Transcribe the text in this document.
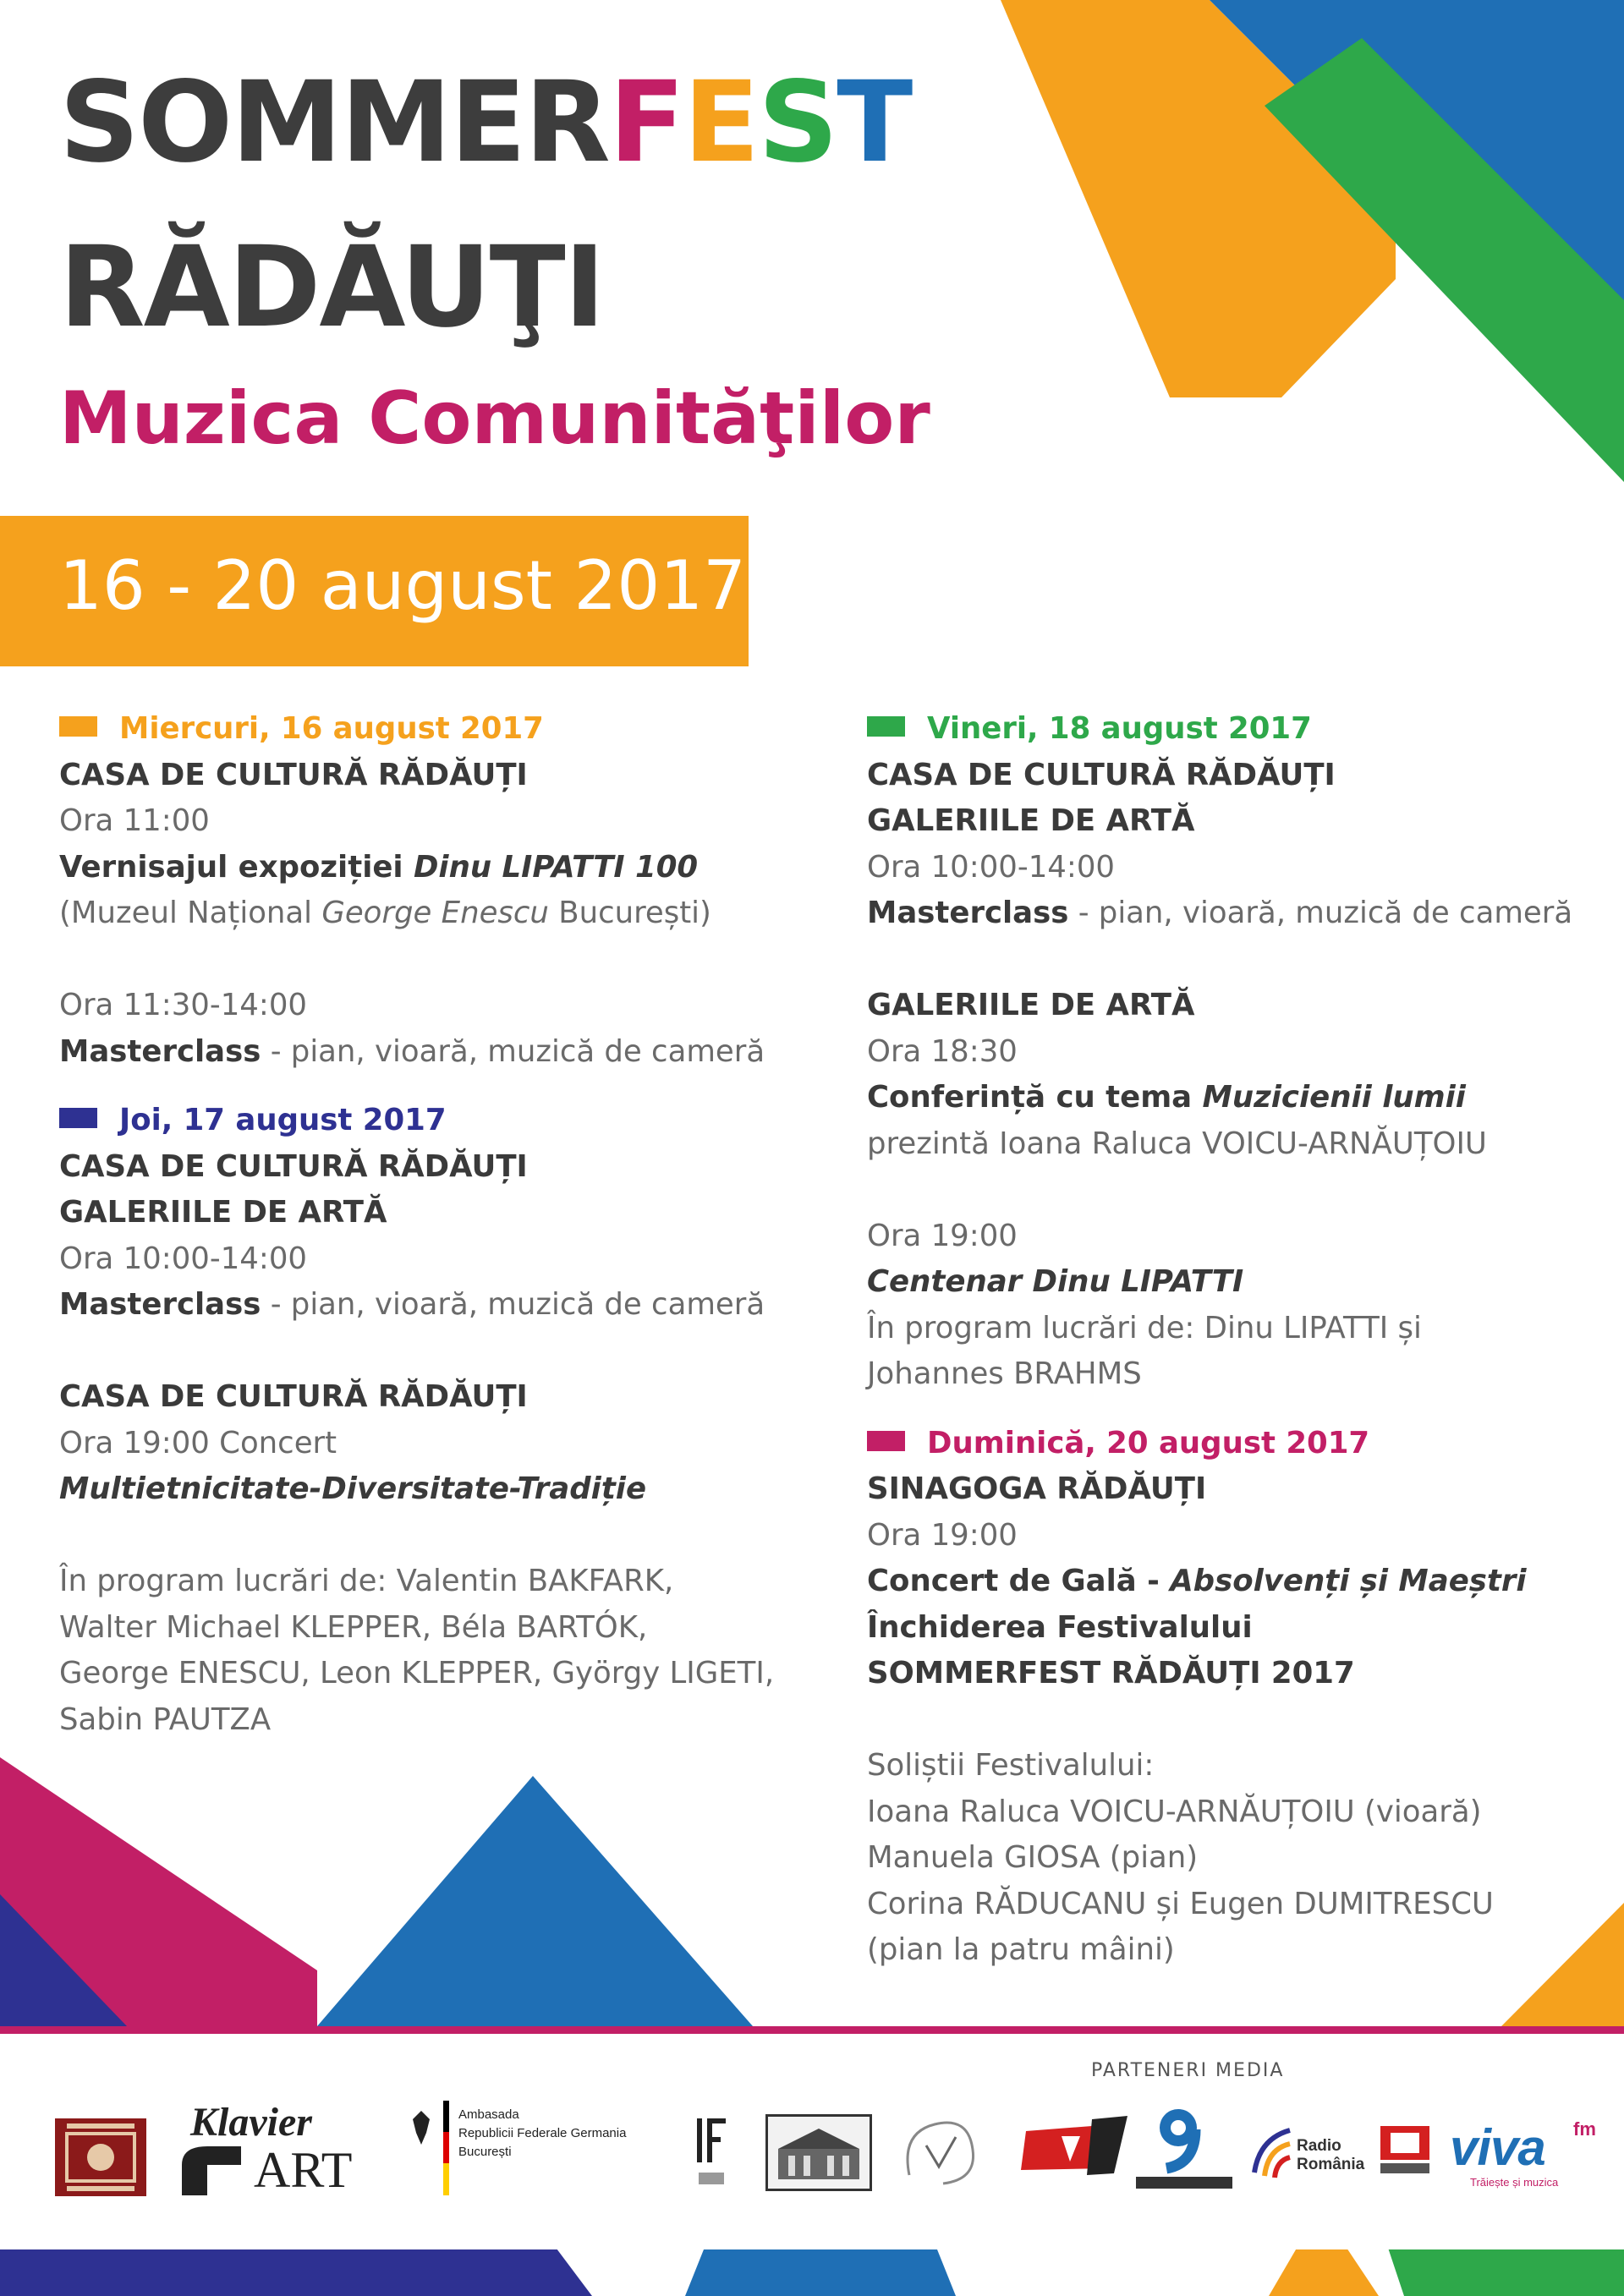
SOMMERFEST
RĂDĂUŢI
Muzica Comunităţilor
16 - 20 august 2017
Miercuri, 16 august 2017
CASA DE CULTURĂ RĂDĂUȚI
Ora 11:00
Vernisajul expoziției Dinu LIPATTI 100
(Muzeul Național George Enescu București)
Ora 11:30-14:00
Masterclass - pian, vioară, muzică de cameră
Joi, 17 august 2017
CASA DE CULTURĂ RĂDĂUȚI
GALERIILE DE ARTĂ
Ora 10:00-14:00
Masterclass - pian, vioară, muzică de cameră
CASA DE CULTURĂ RĂDĂUȚI
Ora 19:00 Concert
Multietnicitate-Diversitate-Tradiție
În program lucrări de: Valentin BAKFARK,
Walter Michael KLEPPER, Béla BARTÓK,
George ENESCU, Leon KLEPPER, György LIGETI,
Sabin PAUTZA
Vineri, 18 august 2017
CASA DE CULTURĂ RĂDĂUȚI
GALERIILE DE ARTĂ
Ora 10:00-14:00
Masterclass - pian, vioară, muzică de cameră
GALERIILE DE ARTĂ
Ora 18:30
Conferință cu tema Muzicienii lumii
prezintă Ioana Raluca VOICU-ARNĂUȚOIU
Ora 19:00
Centenar Dinu LIPATTI
În program lucrări de: Dinu LIPATTI și
Johannes BRAHMS
Duminică, 20 august 2017
SINAGOGA RĂDĂUȚI
Ora 19:00
Concert de Gală - Absolvenți și Maeștri
Închiderea Festivalului
SOMMERFEST RĂDĂUȚI 2017
Soliștii Festivalului:
Ioana Raluca VOICU-ARNĂUȚOIU (vioară)
Manuela GIOSA (pian)
Corina RĂDUCANU și Eugen DUMITRESCU
(pian la patru mâini)
PARTENERI MEDIA
Klavier
ART
Ambasada
Republicii Federale Germania
București	Radio
România viva fm
Trăiește și muzica
